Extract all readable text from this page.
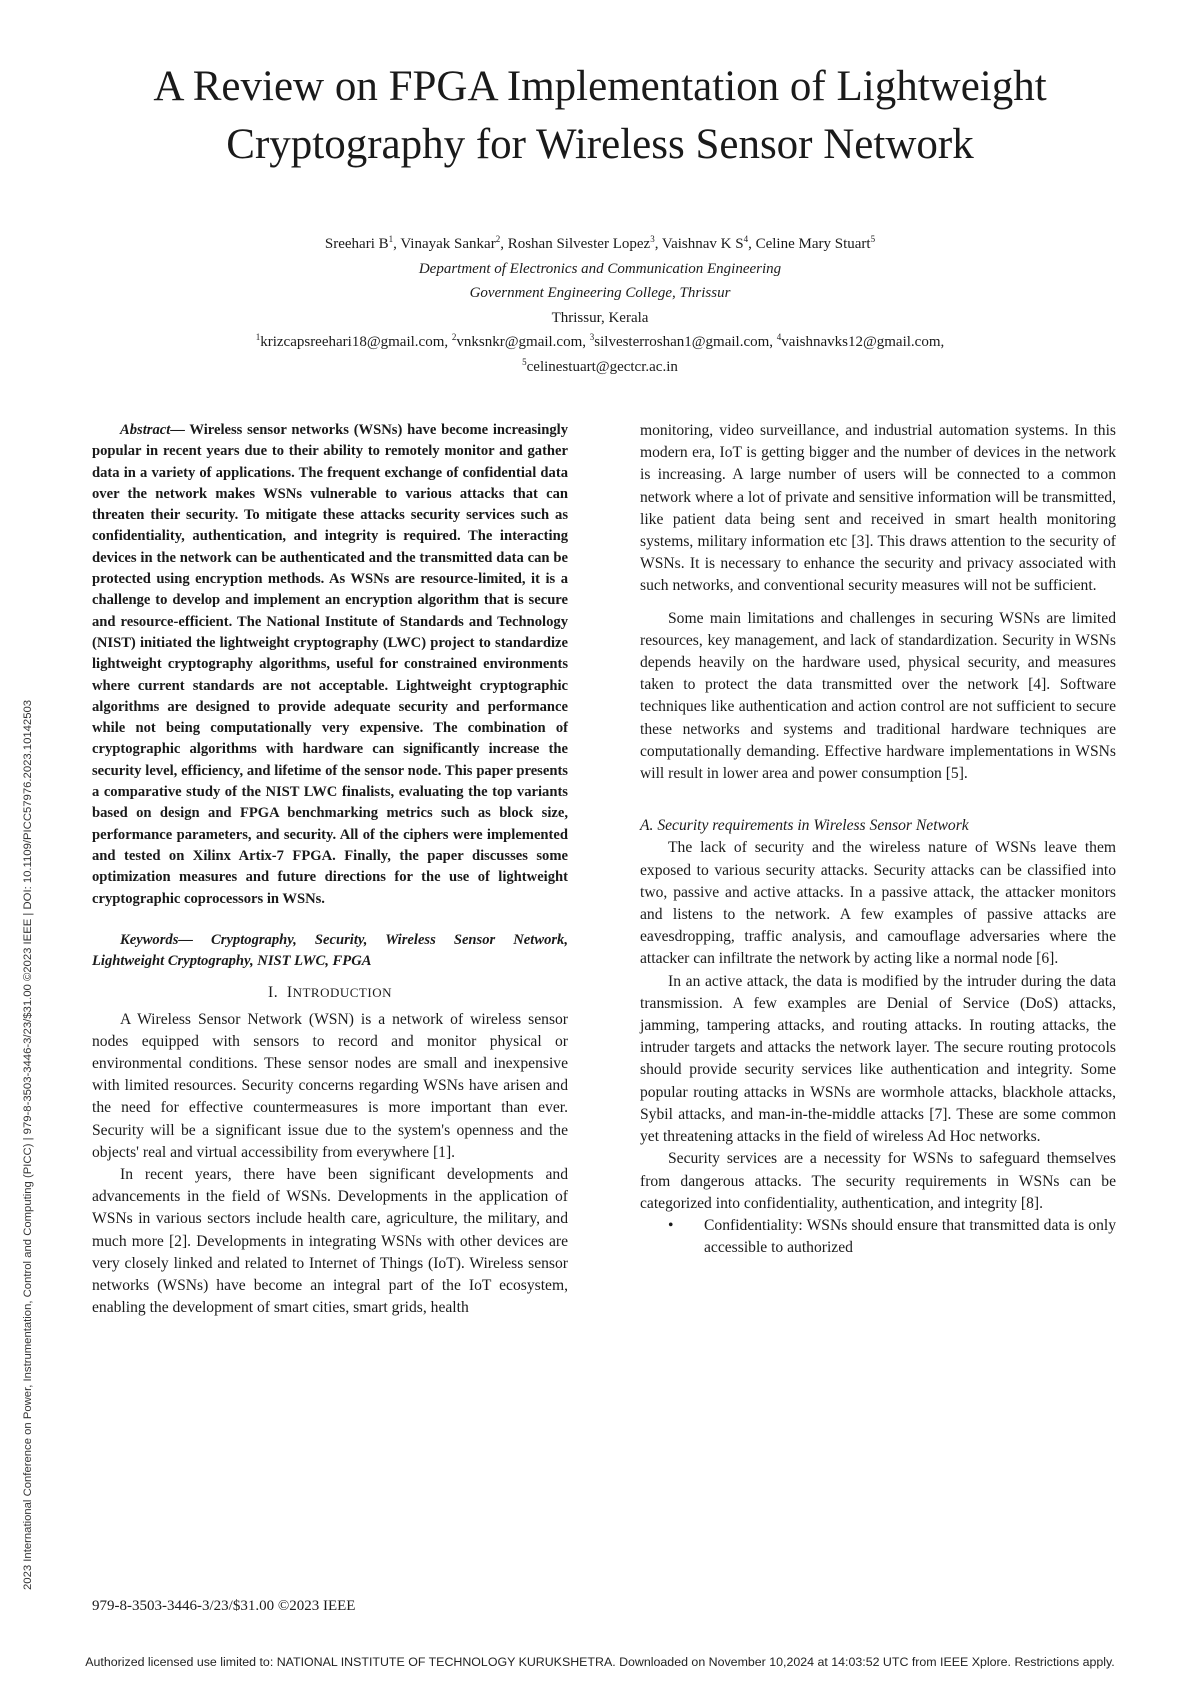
A Review on FPGA Implementation of Lightweight
Cryptography for Wireless Sensor Network
Sreehari $B^1$, Vinayak Sankar$^2$, Roshan Silvester Lopez$^3$, Vaishnav K $S^4$, Celine Mary Stuart$^5$
Department of Electronics and Communication Engineering
Government Engineering College, Thrissur
Thrissur, Kerala
$^1$krizcapsreehari18@gmail.com, $^2$vnksnkr@gmail.com, $^3$silvesterroshan1@gmail.com, $^4$vaishnavks12@gmail.com,
$^5$celinestuart@gectcr.ac.in
2023 International Conference on Power, Instrumentation, Control and Computing (PICC) | 979-8-3503-3446-3/23/$31.00 ©2023 IEEE | DOI: 10.1109/PICC57976.2023.10142503

Abstract— Wireless sensor networks (WSNs) have become increasingly popular in recent years due to their ability to remotely monitor and gather data in a variety of applications. The frequent exchange of confidential data over the network makes WSNs vulnerable to various attacks that can threaten their security. To mitigate these attacks security services such as confidentiality, authentication, and integrity is required. The interacting devices in the network can be authenticated and the transmitted data can be protected using encryption methods. As WSNs are resource-limited, it is a challenge to develop and implement an encryption algorithm that is secure and resource-efficient. The National Institute of Standards and Technology (NIST) initiated the lightweight cryptography (LWC) project to standardize lightweight cryptography algorithms, useful for constrained environments where current standards are not acceptable. Lightweight cryptographic algorithms are designed to provide adequate security and performance while not being computationally very expensive. The combination of cryptographic algorithms with hardware can significantly increase the security level, efficiency, and lifetime of the sensor node. This paper presents a comparative study of the NIST LWC finalists, evaluating the top variants based on design and FPGA benchmarking metrics such as block size, performance parameters, and security. All of the ciphers were implemented and tested on Xilinx Artix-7 FPGA. Finally, the paper discusses some optimization measures and future directions for the use of lightweight cryptographic coprocessors in WSNs.

Keywords— Cryptography, Security, Wireless Sensor Network, Lightweight Cryptography, NIST LWC, FPGA

I. INTRODUCTION

A Wireless Sensor Network (WSN) is a network of wireless sensor nodes equipped with sensors to record and monitor physical or environmental conditions. These sensor nodes are small and inexpensive with limited resources. Security concerns regarding WSNs have arisen and the need for effective countermeasures is more important than ever. Security will be a significant issue due to the system's openness and the objects' real and virtual accessibility from everywhere [1].

In recent years, there have been significant developments and advancements in the field of WSNs. Developments in the application of WSNs in various sectors include health care, agriculture, the military, and much more [2]. Developments in integrating WSNs with other devices are very closely linked and related to Internet of Things (IoT). Wireless sensor networks (WSNs) have become an integral part of the IoT ecosystem, enabling the development of smart cities, smart grids, health

monitoring, video surveillance, and industrial automation systems. In this modern era, IoT is getting bigger and the number of devices in the network is increasing. A large number of users will be connected to a common network where a lot of private and sensitive information will be transmitted, like patient data being sent and received in smart health monitoring systems, military information etc [3]. This draws attention to the security of WSNs. It is necessary to enhance the security and privacy associated with such networks, and conventional security measures will not be sufficient.

Some main limitations and challenges in securing WSNs are limited resources, key management, and lack of standardization. Security in WSNs depends heavily on the hardware used, physical security, and measures taken to protect the data transmitted over the network [4]. Software techniques like authentication and action control are not sufficient to secure these networks and systems and traditional hardware techniques are computationally demanding. Effective hardware implementations in WSNs will result in lower area and power consumption [5].

A. Security requirements in Wireless Sensor Network

The lack of security and the wireless nature of WSNs leave them exposed to various security attacks. Security attacks can be classified into two, passive and active attacks. In a passive attack, the attacker monitors and listens to the network. A few examples of passive attacks are eavesdropping, traffic analysis, and camouflage adversaries where the attacker can infiltrate the network by acting like a normal node [6].

In an active attack, the data is modified by the intruder during the data transmission. A few examples are Denial of Service (DoS) attacks, jamming, tampering attacks, and routing attacks. In routing attacks, the intruder targets and attacks the network layer. The secure routing protocols should provide security services like authentication and integrity. Some popular routing attacks in WSNs are wormhole attacks, blackhole attacks, Sybil attacks, and man-in-the-middle attacks [7]. These are some common yet threatening attacks in the field of wireless Ad Hoc networks.

Security services are a necessity for WSNs to safeguard themselves from dangerous attacks. The security requirements in WSNs can be categorized into confidentiality, authentication, and integrity [8].

• Confidentiality: WSNs should ensure that transmitted data is only accessible to authorized
979-8-3503-3446-3/23/$31.00 ©2023 IEEE
Authorized licensed use limited to: NATIONAL INSTITUTE OF TECHNOLOGY KURUKSHETRA. Downloaded on November 10,2024 at 14:03:52 UTC from IEEE Xplore. Restrictions apply.
